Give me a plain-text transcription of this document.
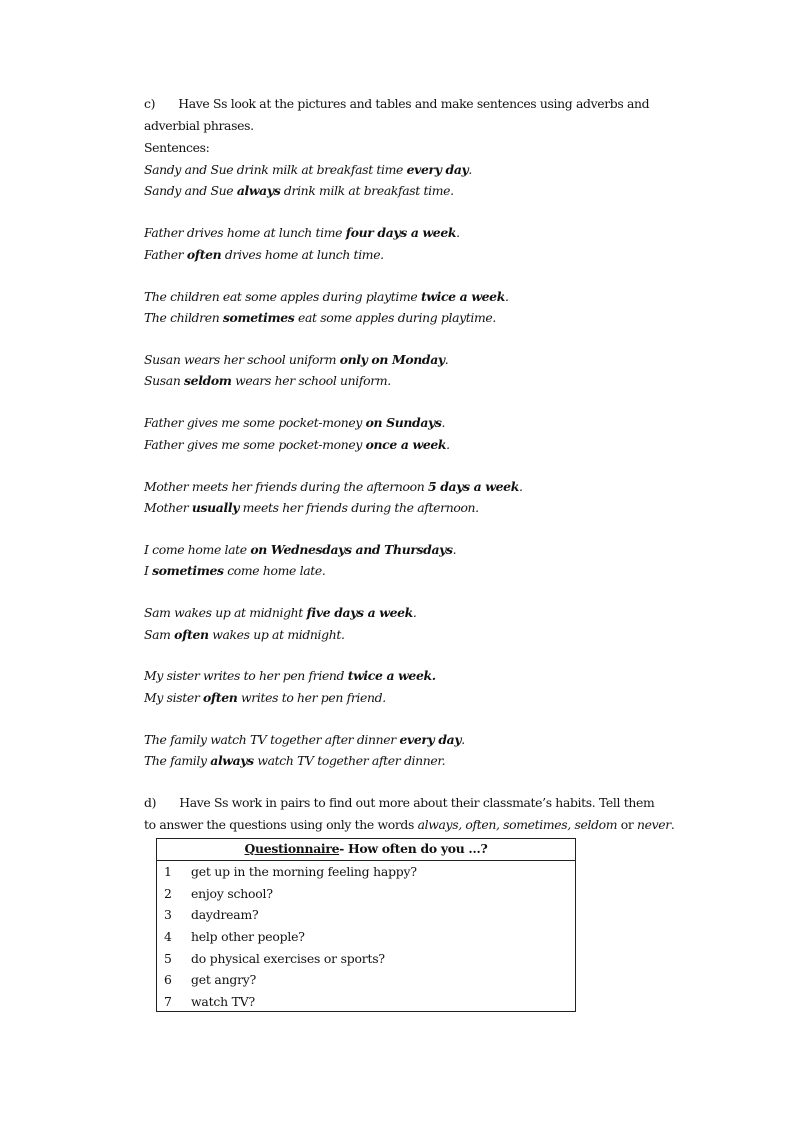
c) Have Ss look at the pictures and tables and make sentences using adverbs and
adverbial phrases.
Sentences:
Sandy and Sue drink milk at breakfast time every day.
Sandy and Sue always drink milk at breakfast time.
Father drives home at lunch time four days a week.
Father often drives home at lunch time.
The children eat some apples during playtime twice a week.
The children sometimes eat some apples during playtime.
Susan wears her school uniform only on Monday.
Susan seldom wears her school uniform.
Father gives me some pocket-money on Sundays.
Father gives me some pocket-money once a week.
Mother meets her friends during the afternoon 5 days a week.
Mother usually meets her friends during the afternoon.
I come home late on Wednesdays and Thursdays.
I sometimes come home late.
Sam wakes up at midnight five days a week.
Sam often wakes up at midnight.
My sister writes to her pen friend twice a week.
My sister often writes to her pen friend.
The family watch TV together after dinner every day.
The family always watch TV together after dinner.
d) Have Ss work in pairs to find out more about their classmate’s habits. Tell them
to answer the questions using only the words always, often, sometimes, seldom or never.
Questionnaire- How often do you …?
1 get up in the morning feeling happy?
2 enjoy school?
3 daydream?
4 help other people?
5 do physical exercises or sports?
6 get angry?
7 watch TV?
